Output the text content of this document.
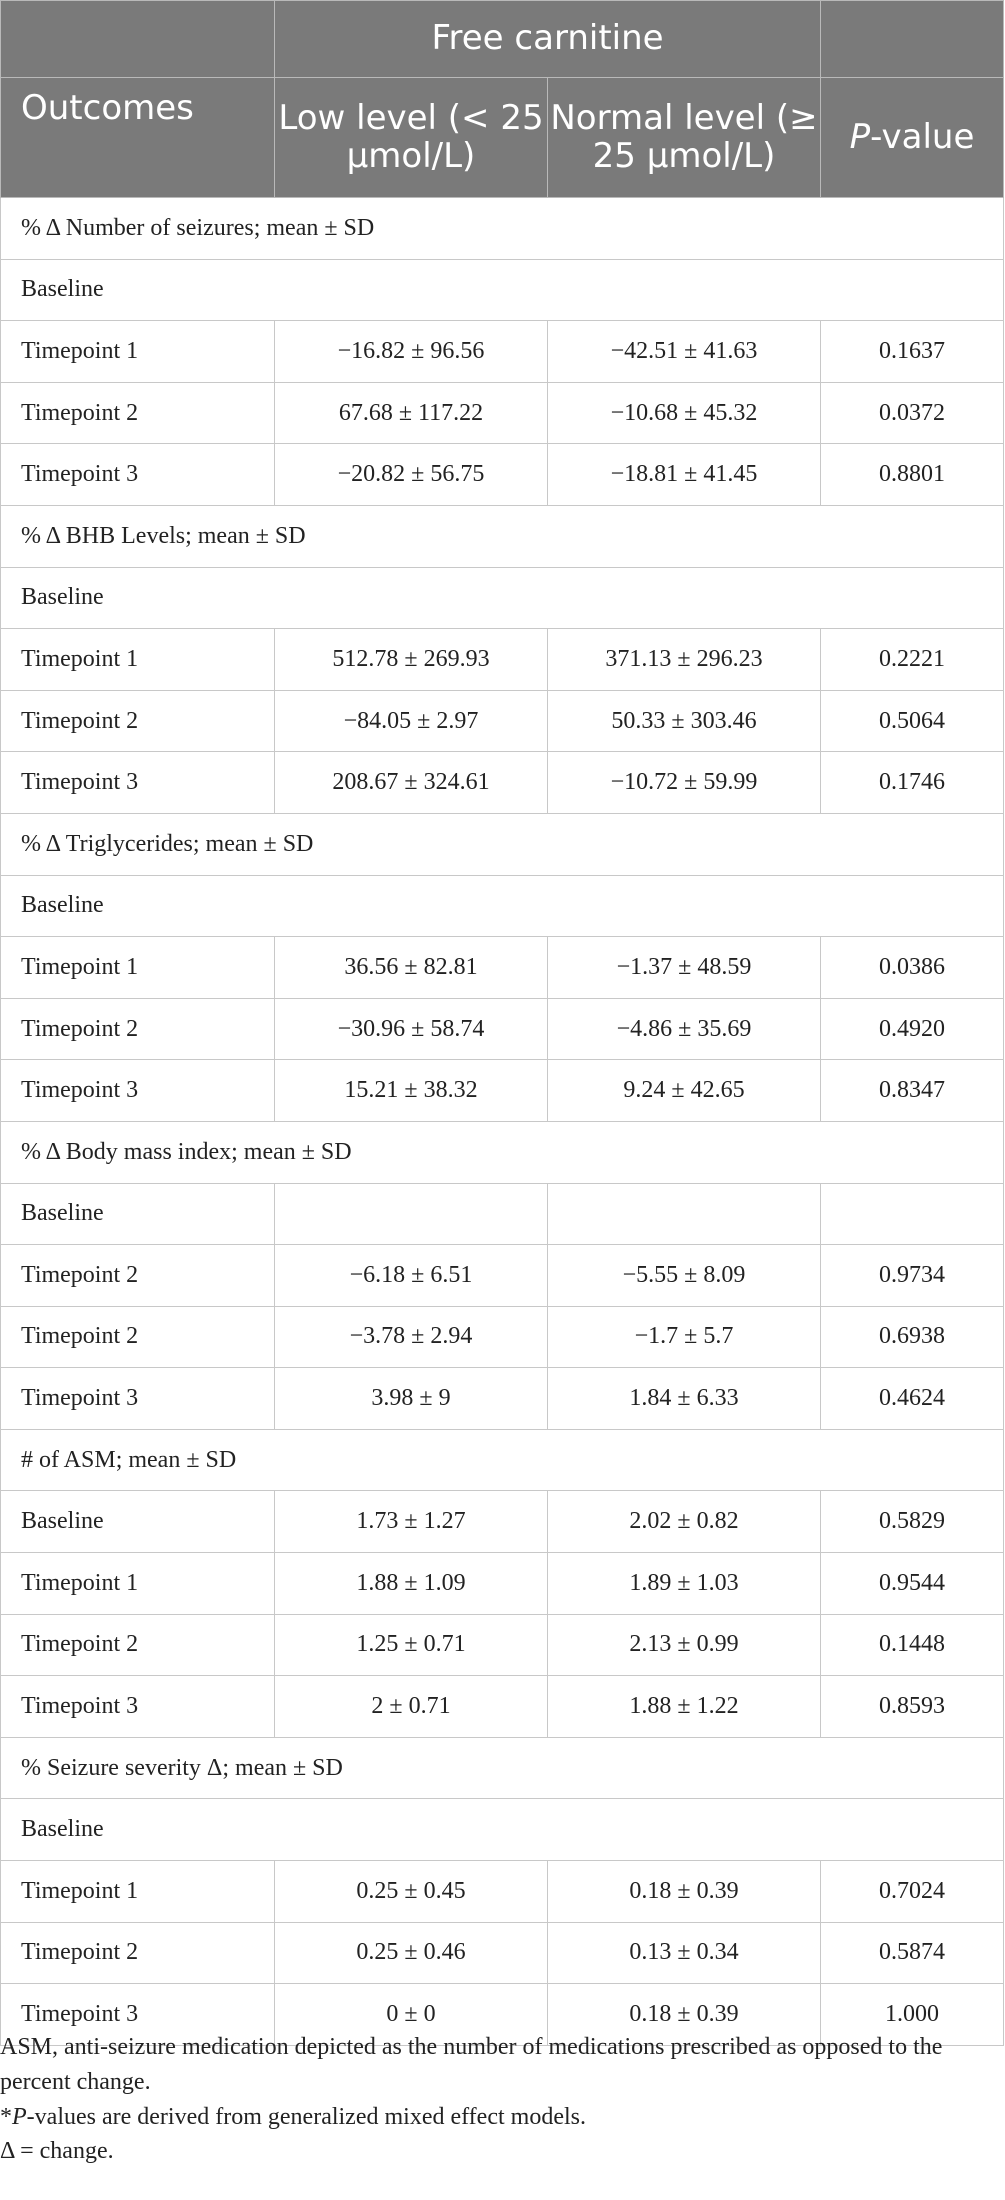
	Free carnitine		
Outcomes	Low level (< 25 μmol/L)	Normal level (≥ 25 μmol/L)	P-value
% Δ Number of seizures; mean ± SD			
Baseline			
Timepoint 1	−16.82 ± 96.56	−42.51 ± 41.63	0.1637
Timepoint 2	67.68 ± 117.22	−10.68 ± 45.32	0.0372
Timepoint 3	−20.82 ± 56.75	−18.81 ± 41.45	0.8801
% Δ BHB Levels; mean ± SD			
Baseline			
Timepoint 1	512.78 ± 269.93	371.13 ± 296.23	0.2221
Timepoint 2	−84.05 ± 2.97	50.33 ± 303.46	0.5064
Timepoint 3	208.67 ± 324.61	−10.72 ± 59.99	0.1746
% Δ Triglycerides; mean ± SD			
Baseline			
Timepoint 1	36.56 ± 82.81	−1.37 ± 48.59	0.0386
Timepoint 2	−30.96 ± 58.74	−4.86 ± 35.69	0.4920
Timepoint 3	15.21 ± 38.32	9.24 ± 42.65	0.8347
% Δ Body mass index; mean ± SD			
Baseline			
Timepoint 2	−6.18 ± 6.51	−5.55 ± 8.09	0.9734
Timepoint 2	−3.78 ± 2.94	−1.7 ± 5.7	0.6938
Timepoint 3	3.98 ± 9	1.84 ± 6.33	0.4624
# of ASM; mean ± SD			
Baseline	1.73 ± 1.27	2.02 ± 0.82	0.5829
Timepoint 1	1.88 ± 1.09	1.89 ± 1.03	0.9544
Timepoint 2	1.25 ± 0.71	2.13 ± 0.99	0.1448
Timepoint 3	2 ± 0.71	1.88 ± 1.22	0.8593
% Seizure severity Δ; mean ± SD			
Baseline			
Timepoint 1	0.25 ± 0.45	0.18 ± 0.39	0.7024
Timepoint 2	0.25 ± 0.46	0.13 ± 0.34	0.5874
Timepoint 3	0 ± 0	0.18 ± 0.39	1.000

ASM, anti-seizure medication depicted as the number of medications prescribed as opposed to the percent change.

*P-values are derived from generalized mixed effect models.

Δ = change.
